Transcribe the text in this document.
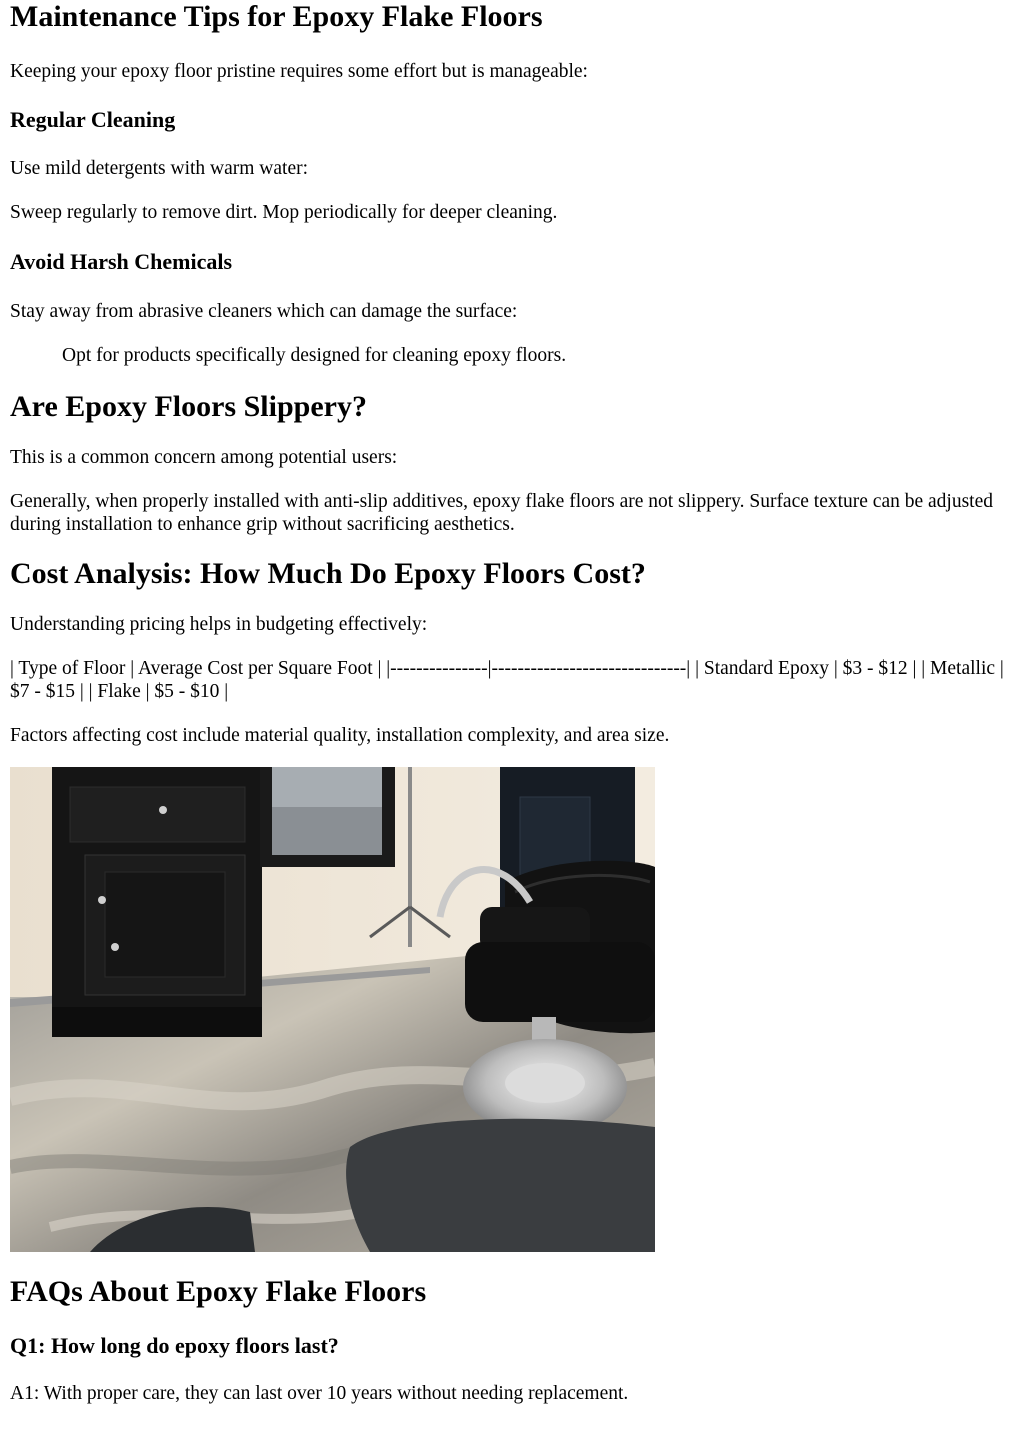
Maintenance Tips for Epoxy Flake Floors

Keeping your epoxy floor pristine requires some effort but is manageable:

Regular Cleaning

Use mild detergents with warm water:

Sweep regularly to remove dirt. Mop periodically for deeper cleaning.

Avoid Harsh Chemicals

Stay away from abrasive cleaners which can damage the surface:

Opt for products specifically designed for cleaning epoxy floors.

Are Epoxy Floors Slippery?

This is a common concern among potential users:

Generally, when properly installed with anti-slip additives, epoxy flake floors are not slippery. Surface texture can be adjusted during installation to enhance grip without sacrificing aesthetics.

Cost Analysis: How Much Do Epoxy Floors Cost?

Understanding pricing helps in budgeting effectively:

| Type of Floor | Average Cost per Square Foot | |---------------|------------------------------| | Standard Epoxy | $3 - $12 | | Metallic | $7 - $15 | | Flake | $5 - $10 |

Factors affecting cost include material quality, installation complexity, and area size.

FAQs About Epoxy Flake Floors
Q1: How long do epoxy floors last?

A1: With proper care, they can last over 10 years without needing replacement.
